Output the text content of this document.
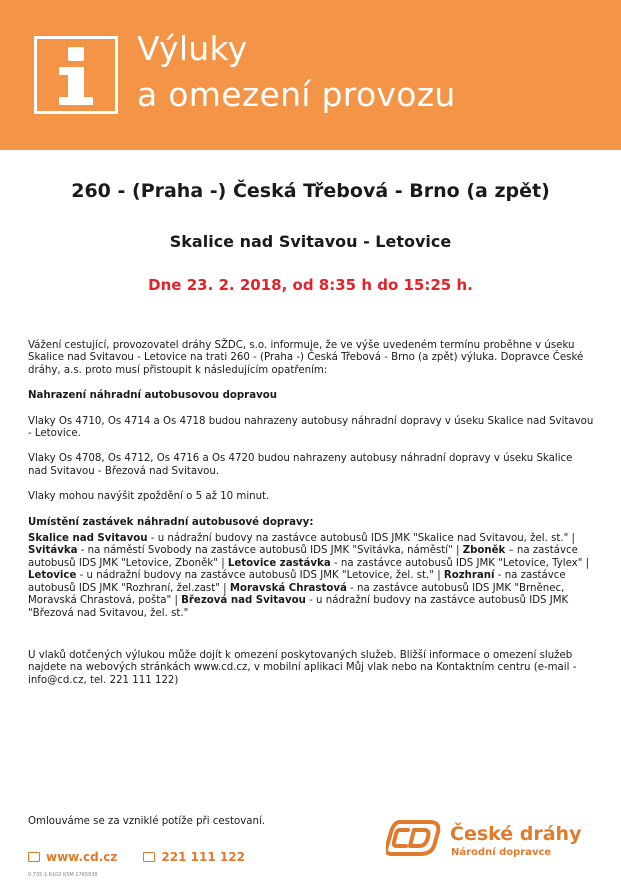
Výluky
a omezení provozu
260 - (Praha -) Česká Třebová - Brno (a zpět)
Skalice nad Svitavou - Letovice
Dne 23. 2. 2018, od 8:35 h do 15:25 h.

Vážení cestující, provozovatel dráhy SŽDC, s.o. informuje, že ve výše uvedeném termínu proběhne v úseku Skalice nad Svitavou - Letovice na trati 260 - (Praha -) Česká Třebová - Brno (a zpět) výluka. Dopravce České dráhy, a.s. proto musí přistoupit k následujícím opatřením:

Nahrazení náhradní autobusovou dopravou

Vlaky Os 4710, Os 4714 a Os 4718 budou nahrazeny autobusy náhradní dopravy v úseku Skalice nad Svitavou - Letovice.

Vlaky Os 4708, Os 4712, Os 4716 a Os 4720 budou nahrazeny autobusy náhradní dopravy v úseku Skalice nad Svitavou - Březová nad Svitavou.

Vlaky mohou navýšit zpoždění o 5 až 10 minut.

Umístění zastávek náhradní autobusové dopravy:

Skalice nad Svitavou - u nádražní budovy na zastávce autobusů IDS JMK "Skalice nad Svitavou, žel. st." | Svitávka - na náměstí Svobody na zastávce autobusů IDS JMK "Svitávka, náměstí" | Zboněk – na zastávce autobusů IDS JMK "Letovice, Zboněk" | Letovice zastávka - na zastávce autobusů IDS JMK "Letovice, Tylex" | Letovice - u nádražní budovy na zastávce autobusů IDS JMK "Letovice, žel. st." | Rozhraní - na zastávce autobusů IDS JMK "Rozhraní, žel.zast" | Moravská Chrastová - na zastávce autobusů IDS JMK "Brněnec, Moravská Chrastová, pošta" | Březová nad Svitavou - u nádražní budovy na zastávce autobusů IDS JMK "Březová nad Svitavou, žel. st."

U vlaků dotčených výlukou může dojít k omezení poskytovaných služeb. Bližší informace o omezení služeb najdete na webových stránkách www.cd.cz, v mobilní aplikaci Můj vlak nebo na Kontaktním centru (e-mail - info@cd.cz, tel. 221 111 122)

Omlouváme se za vzniklé potíže při cestovaní.
www.cd.cz	221 111 122
0.735 1.6102 KSM 1765838
České dráhy
Národní dopravce
